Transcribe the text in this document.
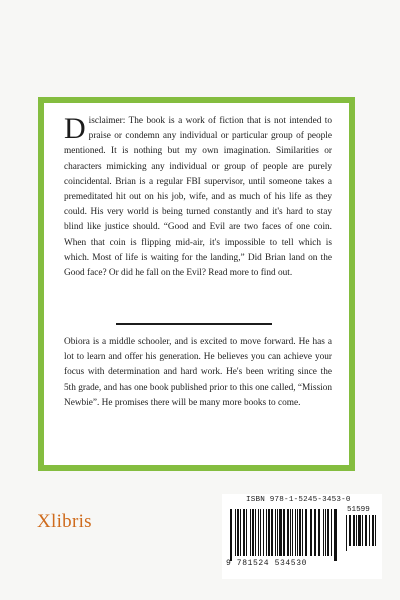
Disclaimer: The book is a work of fiction that is not intended to praise or condemn any individual or particular group of people mentioned. It is nothing but my own imagination. Similarities or characters mimicking any individual or group of people are purely coincidental. Brian is a regular FBI supervisor, until someone takes a premeditated hit out on his job, wife, and as much of his life as they could. His very world is being turned constantly and it's hard to stay blind like justice should. “Good and Evil are two faces of one coin. When that coin is flipping mid-air, it's impossible to tell which is which. Most of life is waiting for the landing,” Did Brian land on the Good face? Or did he fall on the Evil? Read more to find out.

Obiora is a middle schooler, and is excited to move forward. He has a lot to learn and offer his generation. He believes you can achieve your focus with determination and hard work. He's been writing since the 5th grade, and has one book published prior to this one called, “Mission Newbie”. He promises there will be many more books to come.

Xlibris
ISBN 978-1-5245-3453-0
51599
9 781524 534530
